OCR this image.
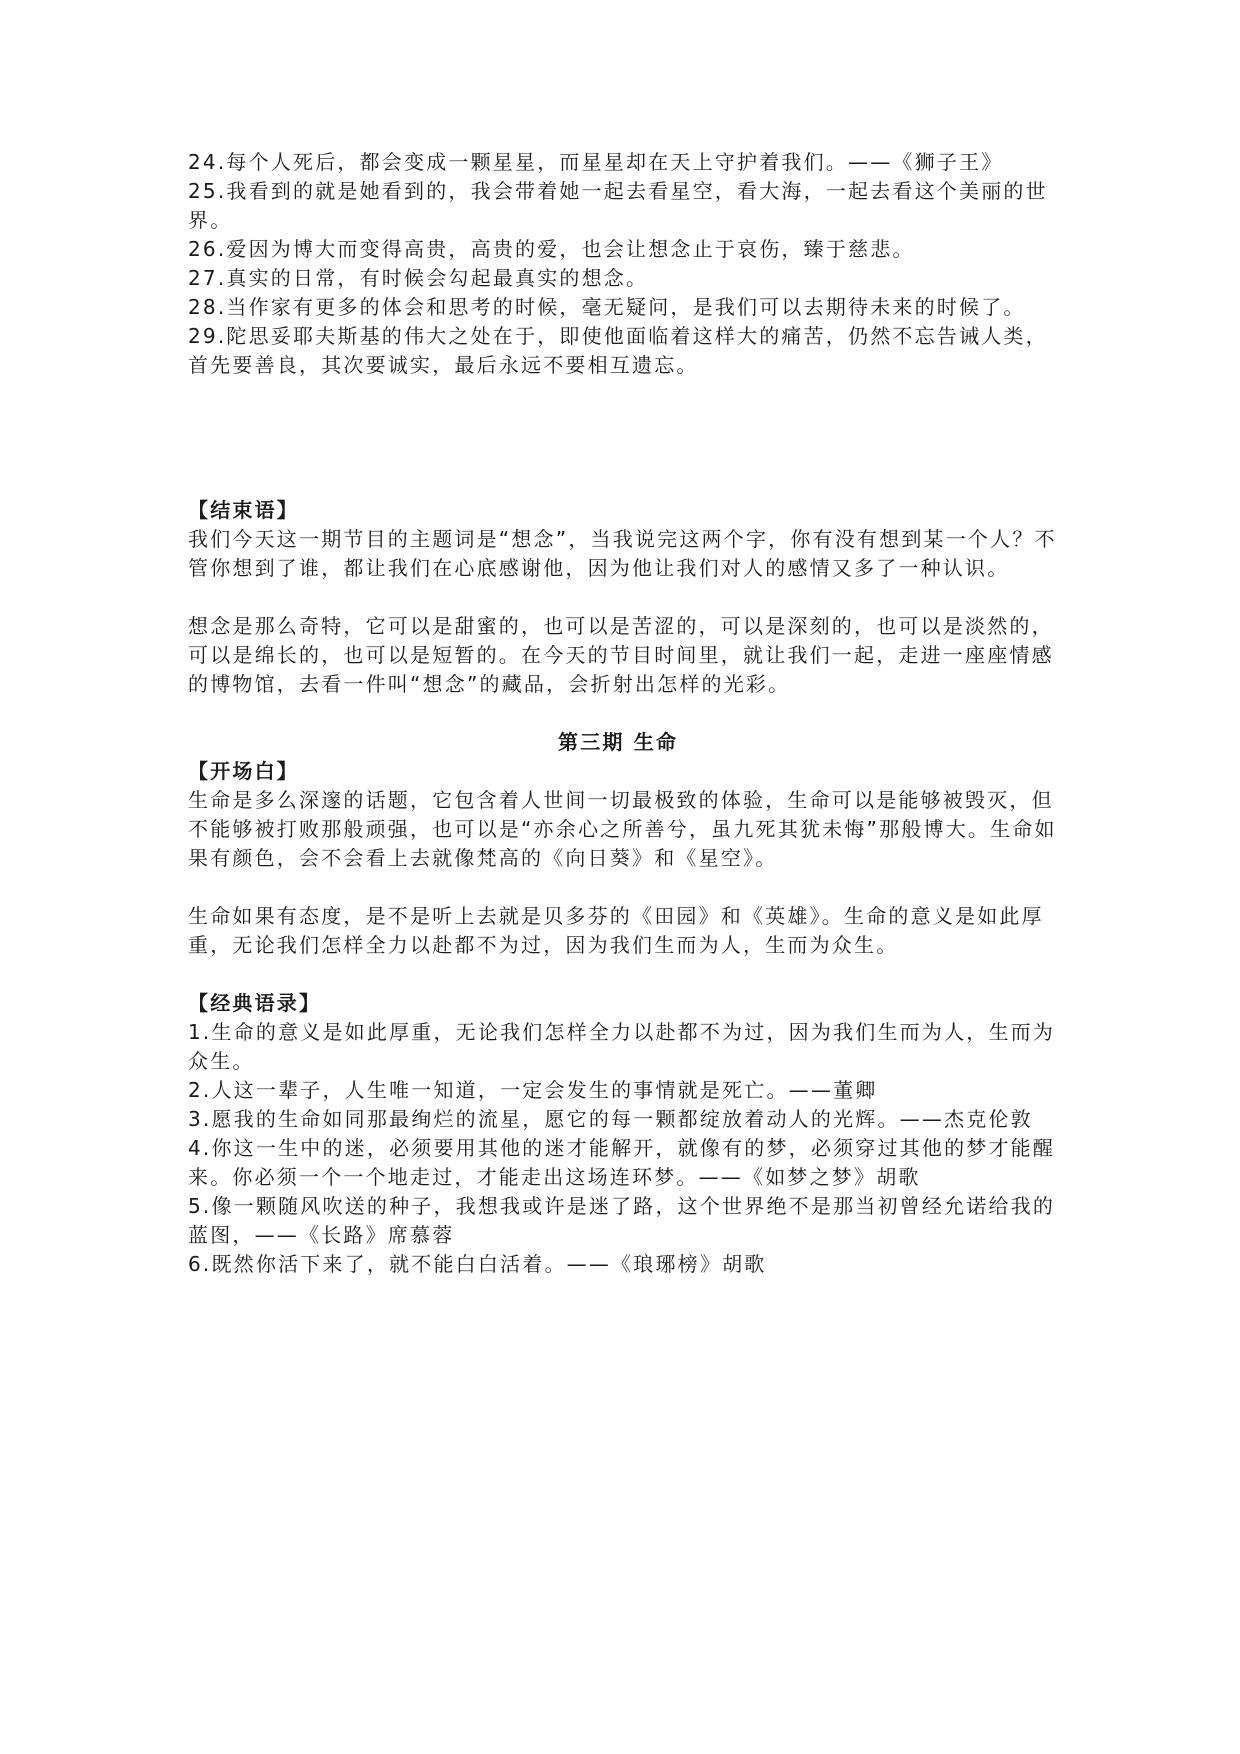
24.每个人死后，都会变成一颗星星，而星星却在天上守护着我们。——《狮子王》

25.我看到的就是她看到的，我会带着她一起去看星空，看大海，一起去看这个美丽的世界。

26.爱因为博大而变得高贵，高贵的爱，也会让想念止于哀伤，臻于慈悲。

27.真实的日常，有时候会勾起最真实的想念。

28.当作家有更多的体会和思考的时候，毫无疑问，是我们可以去期待未来的时候了。

29.陀思妥耶夫斯基的伟大之处在于，即使他面临着这样大的痛苦，仍然不忘告诫人类，首先要善良，其次要诚实，最后永远不要相互遗忘。

【结束语】

我们今天这一期节目的主题词是“想念”，当我说完这两个字，你有没有想到某一个人？不管你想到了谁，都让我们在心底感谢他，因为他让我们对人的感情又多了一种认识。

想念是那么奇特，它可以是甜蜜的，也可以是苦涩的，可以是深刻的，也可以是淡然的，可以是绵长的，也可以是短暂的。在今天的节目时间里，就让我们一起，走进一座座情感的博物馆，去看一件叫“想念”的藏品，会折射出怎样的光彩。

第三期 生命

【开场白】

生命是多么深邃的话题，它包含着人世间一切最极致的体验，生命可以是能够被毁灭，但不能够被打败那般顽强，也可以是“亦余心之所善兮，虽九死其犹未悔”那般博大。生命如果有颜色，会不会看上去就像梵高的《向日葵》和《星空》。

生命如果有态度，是不是听上去就是贝多芬的《田园》和《英雄》。生命的意义是如此厚重，无论我们怎样全力以赴都不为过，因为我们生而为人，生而为众生。

【经典语录】

1.生命的意义是如此厚重，无论我们怎样全力以赴都不为过，因为我们生而为人，生而为众生。

2.人这一辈子，人生唯一知道，一定会发生的事情就是死亡。——董卿

3.愿我的生命如同那最绚烂的流星，愿它的每一颗都绽放着动人的光辉。——杰克伦敦

4.你这一生中的迷，必须要用其他的迷才能解开，就像有的梦，必须穿过其他的梦才能醒来。你必须一个一个地走过，才能走出这场连环梦。——《如梦之梦》胡歌

5.像一颗随风吹送的种子，我想我或许是迷了路，这个世界绝不是那当初曾经允诺给我的蓝图，——《长路》席慕蓉

6.既然你活下来了，就不能白白活着。——《琅琊榜》胡歌
